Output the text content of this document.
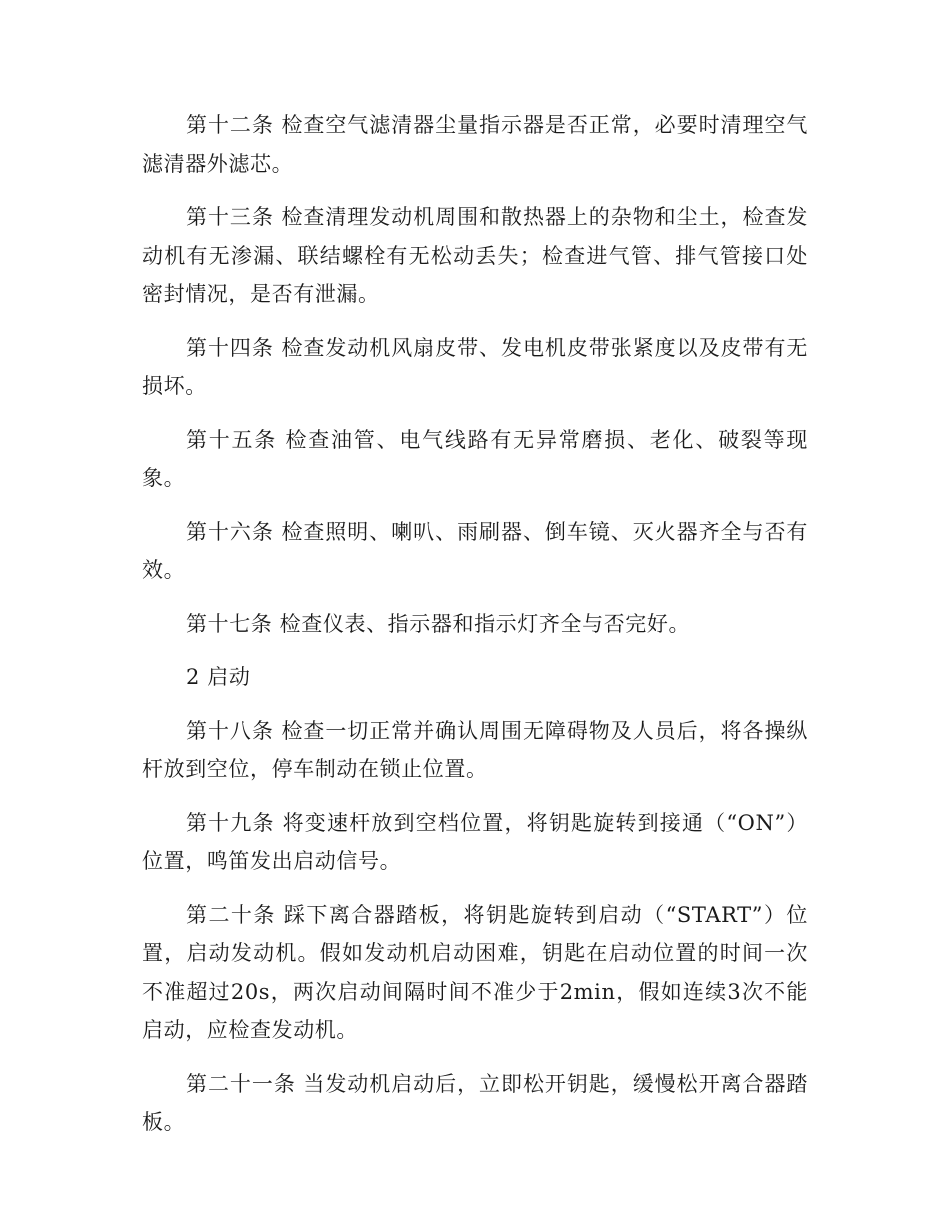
第十二条 检查空气滤清器尘量指示器是否正常，必要时清理空气滤清器外滤芯。

第十三条 检查清理发动机周围和散热器上的杂物和尘土，检查发动机有无渗漏、联结螺栓有无松动丢失；检查进气管、排气管接口处密封情况，是否有泄漏。

第十四条 检查发动机风扇皮带、发电机皮带张紧度以及皮带有无损坏。

第十五条 检查油管、电气线路有无异常磨损、老化、破裂等现象。

第十六条 检查照明、喇叭、雨刷器、倒车镜、灭火器齐全与否有效。

第十七条 检查仪表、指示器和指示灯齐全与否完好。

2 启动

第十八条 检查一切正常并确认周围无障碍物及人员后，将各操纵杆放到空位，停车制动在锁止位置。

第十九条 将变速杆放到空档位置，将钥匙旋转到接通（“ON”）位置，鸣笛发出启动信号。

第二十条 踩下离合器踏板，将钥匙旋转到启动（“START”）位置，启动发动机。假如发动机启动困难，钥匙在启动位置的时间一次不准超过20s，两次启动间隔时间不准少于2min，假如连续3次不能启动，应检查发动机。

第二十一条 当发动机启动后，立即松开钥匙，缓慢松开离合器踏板。
